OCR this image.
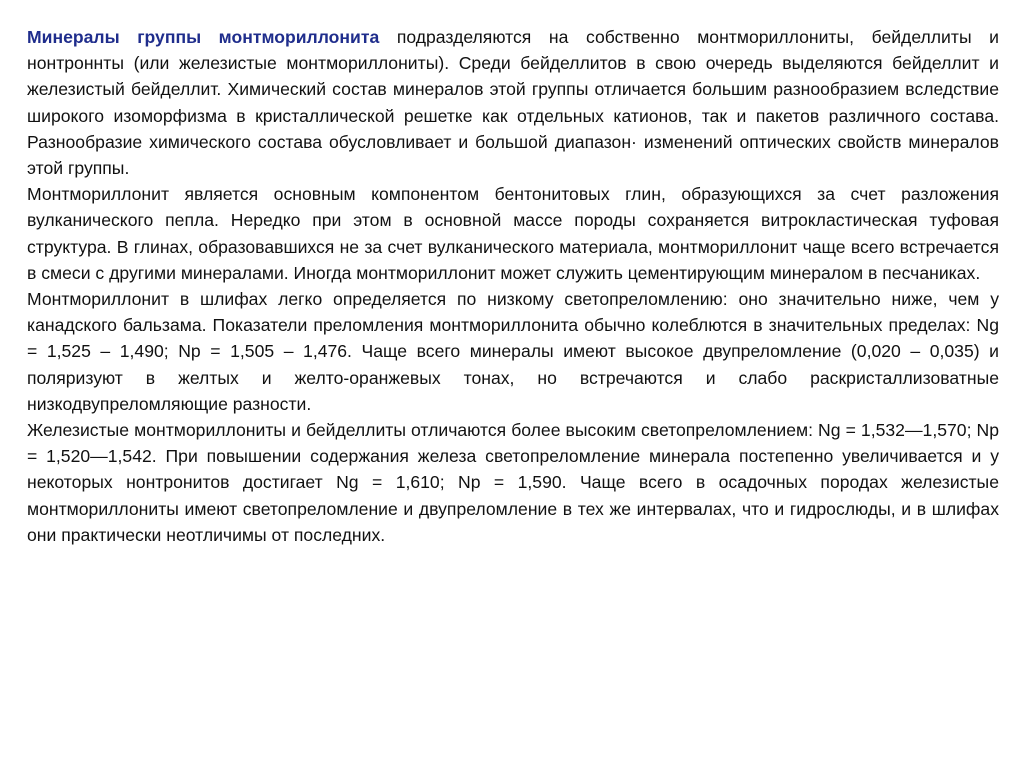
Минералы группы монтмориллонита подразделяются на собственно монтмориллониты, бейделлиты и нонтроннты (или железистые монтмориллониты). Среди бейделлитов в свою очередь выделяются бейделлит и железистый бейделлит. Химический состав минералов этой группы отличается большим разнообразием вследствие широкого изоморфизма в кристаллической решетке как отдельных катионов, так и пакетов различного состава. Разнообразие химического состава обусловливает и большой диапазон· изменений оптических свойств минералов этой группы.

Монтмориллонит является основным компонентом бентонитовых глин, образующихся за счет разложения вулканического пепла. Нередко при этом в основной массе породы сохраняется витрокластическая туфовая структура. В глинах, образовавшихся не за счет вулканического материала, монтмориллонит чаще всего встречается в смеси с другими минералами. Иногда монтмориллонит может служить цементирующим минералом в песчаниках.

Монтмориллонит в шлифах легко определяется по низкому светопреломлению: оно значительно ниже, чем у канадского бальзама. Показатели преломления монтмориллонита обычно колеблются в значительных пределах: Ng = 1,525 – 1,490; Np = 1,505 – 1,476. Чаще всего минералы имеют высокое двупреломление (0,020 – 0,035) и поляризуют в желтых и желто-оранжевых тонах, но встречаются и слабо раскристаллизоватные низкодвупреломляющие разности.

Железистые монтмориллониты и бейделлиты отличаются более высоким светопреломлением: Ng = 1,532—1,570; Np = 1,520—1,542. При повышении содержания железа светопреломление минерала постепенно увеличивается и у некоторых нонтронитов достигает Ng = 1,610; Np = 1,590. Чаще всего в осадочных породах железистые монтмориллониты имеют светопреломление и двупреломление в тех же интервалах, что и гидрослюды, и в шлифах они практически неотличимы от последних.
